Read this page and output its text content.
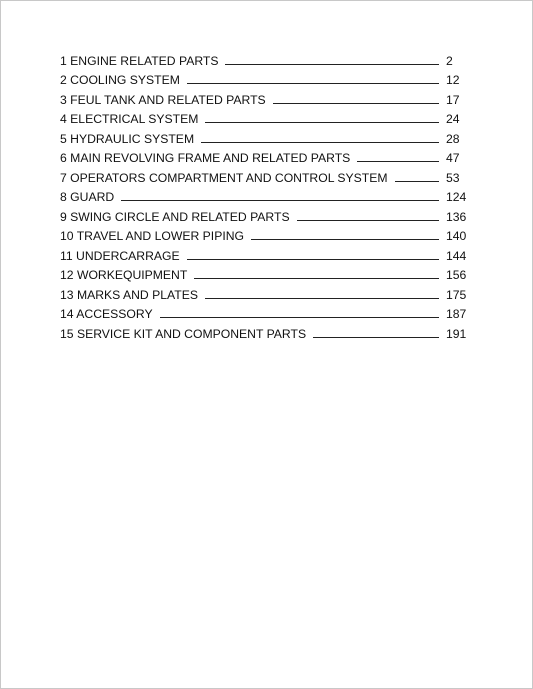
1 ENGINE RELATED PARTS	2
2 COOLING SYSTEM	12
3 FEUL TANK AND RELATED PARTS	17
4 ELECTRICAL SYSTEM	24
5 HYDRAULIC SYSTEM	28
6 MAIN REVOLVING FRAME AND RELATED PARTS	47
7 OPERATORS COMPARTMENT AND CONTROL SYSTEM	53
8 GUARD	124
9 SWING CIRCLE AND RELATED PARTS	136
10 TRAVEL AND LOWER PIPING	140
11 UNDERCARRAGE	144
12 WORKEQUIPMENT	156
13 MARKS AND PLATES	175
14 ACCESSORY	187
15 SERVICE KIT AND COMPONENT PARTS	191
